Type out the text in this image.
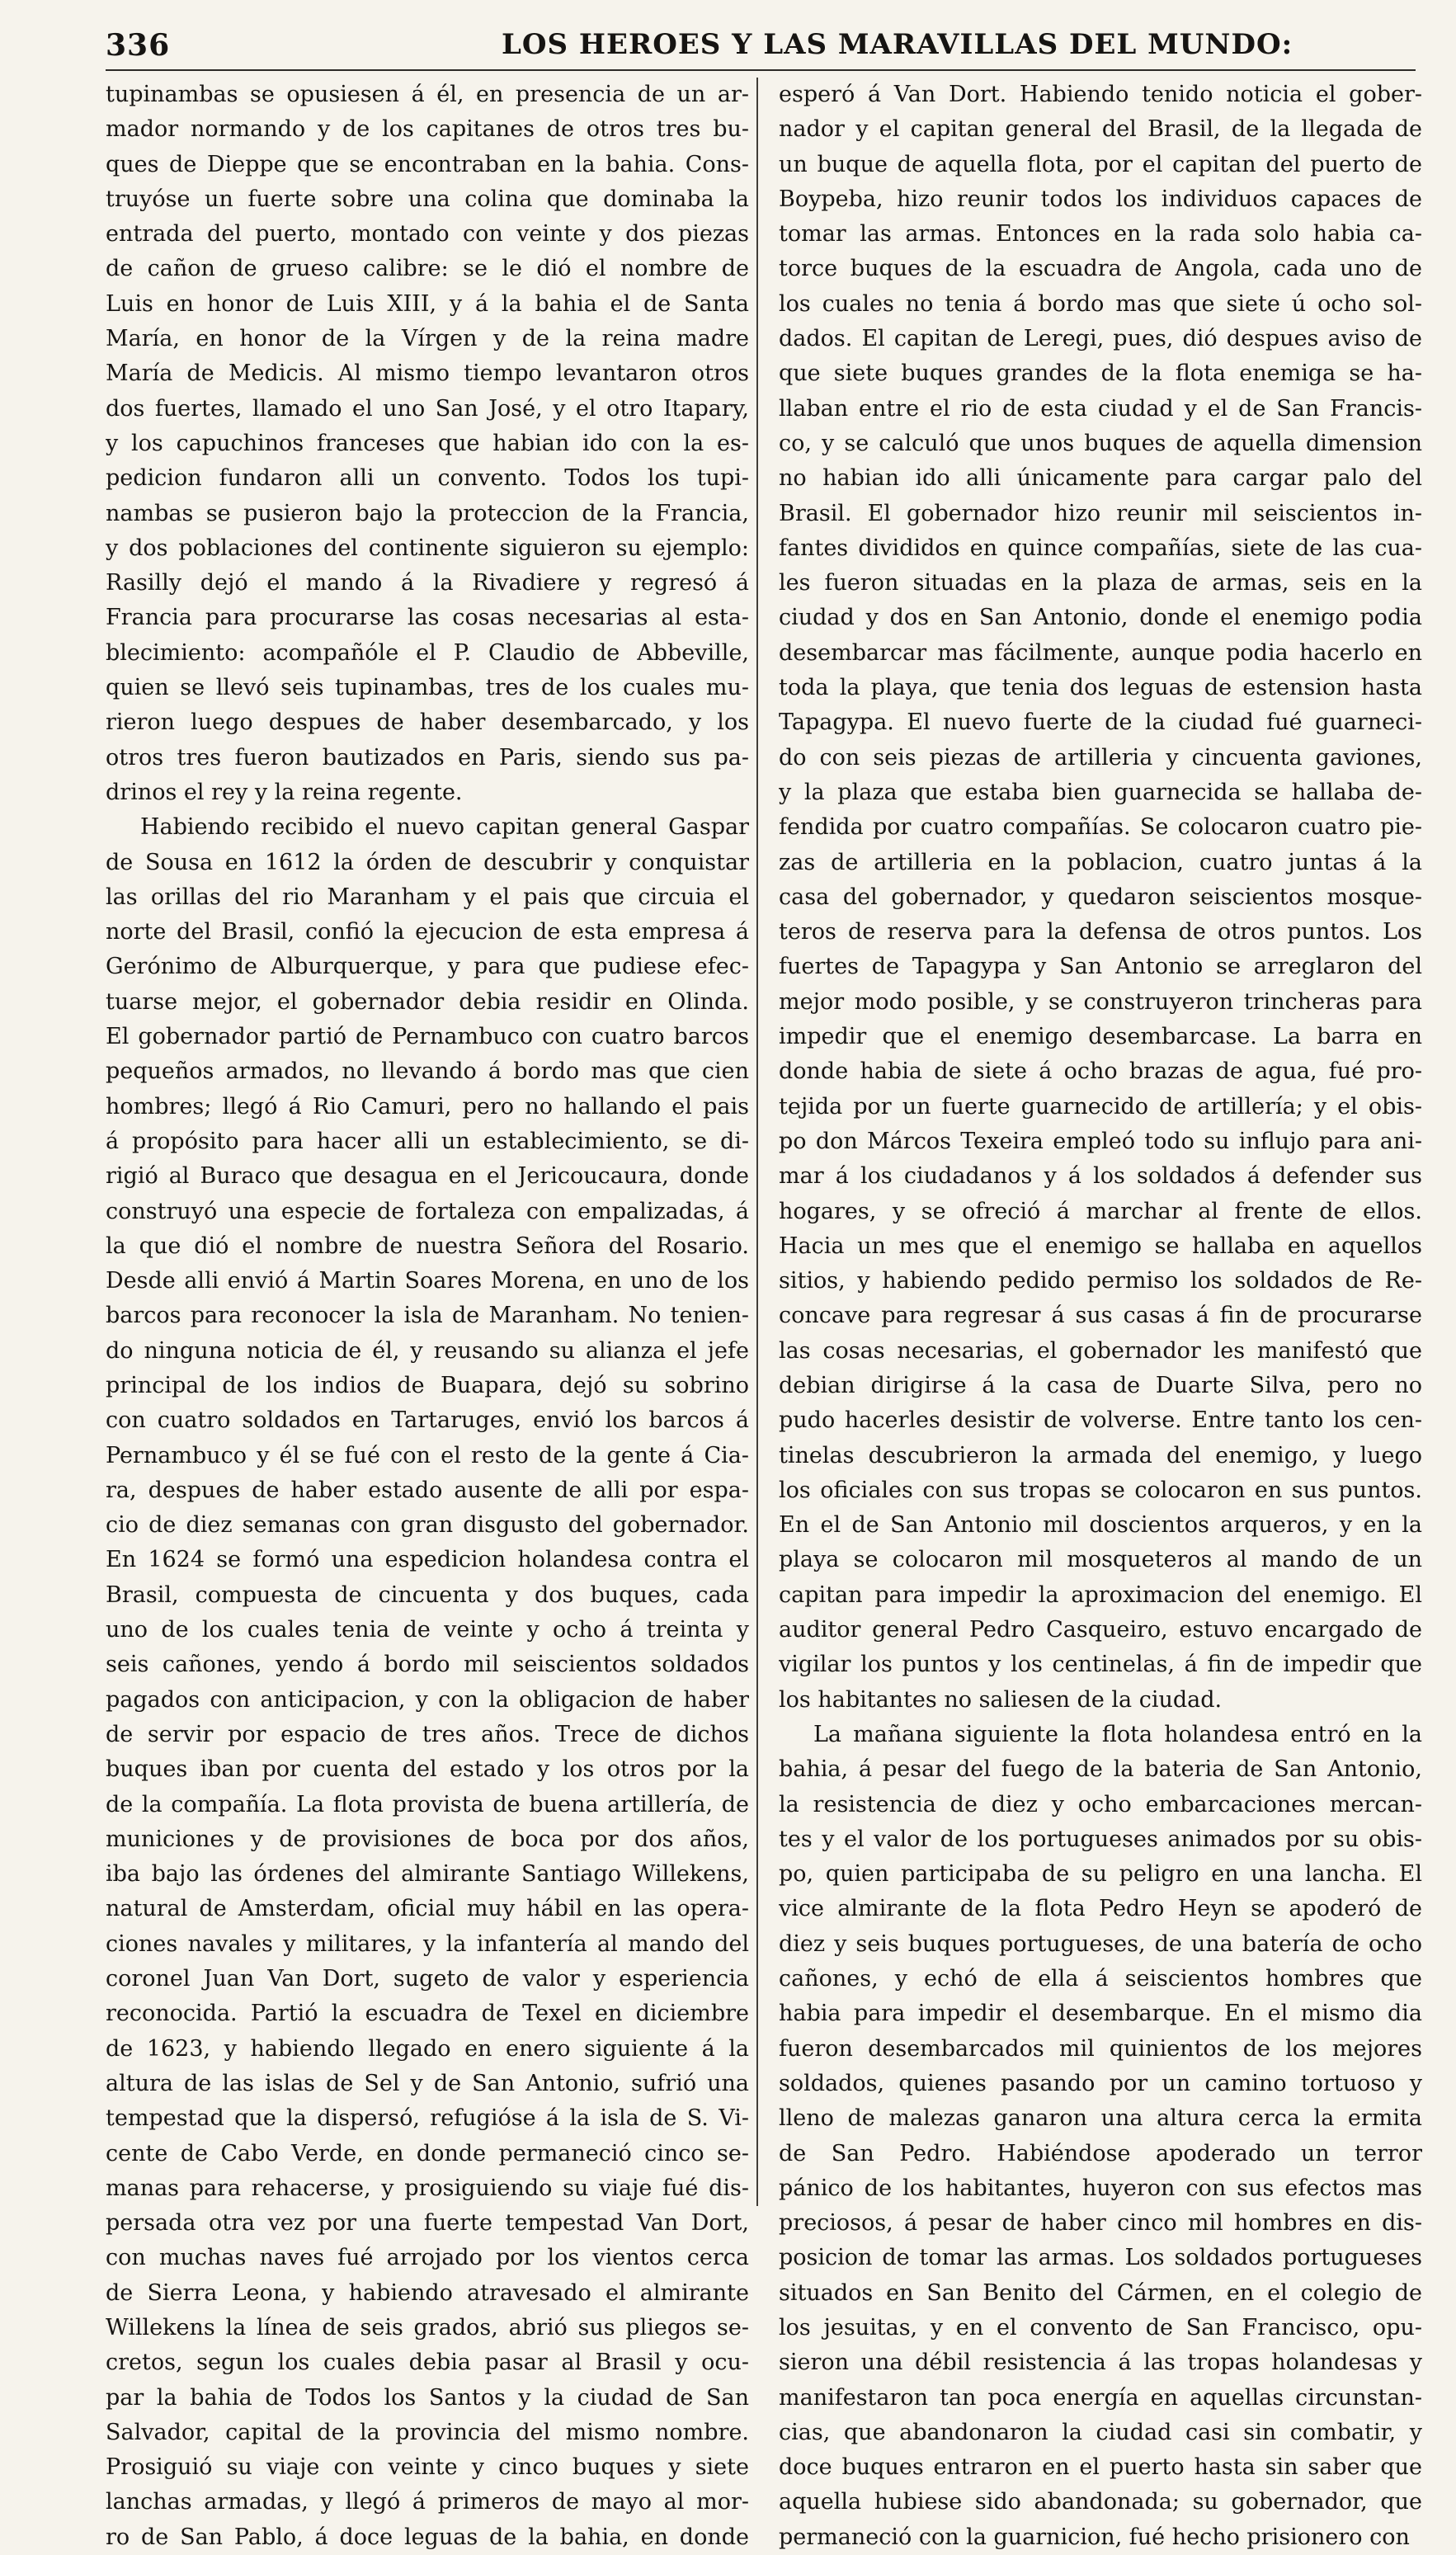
336	LOS HEROES Y LAS MARAVILLAS DEL MUNDO:
tupinambas se opusiesen á él, en presencia de un ar-
mador normando y de los capitanes de otros tres bu-
ques de Dieppe que se encontraban en la bahia. Cons-
truyóse un fuerte sobre una colina que dominaba la
entrada del puerto, montado con veinte y dos piezas
de cañon de grueso calibre: se le dió el nombre de
Luis en honor de Luis XIII, y á la bahia el de Santa
María, en honor de la Vírgen y de la reina madre
María de Medicis. Al mismo tiempo levantaron otros
dos fuertes, llamado el uno San José, y el otro Itapary,
y los capuchinos franceses que habian ido con la es-
pedicion fundaron alli un convento. Todos los tupi-
nambas se pusieron bajo la proteccion de la Francia,
y dos poblaciones del continente siguieron su ejemplo:
Rasilly dejó el mando á la Rivadiere y regresó á
Francia para procurarse las cosas necesarias al esta-
blecimiento: acompañóle el P. Claudio de Abbeville,
quien se llevó seis tupinambas, tres de los cuales mu-
rieron luego despues de haber desembarcado, y los
otros tres fueron bautizados en Paris, siendo sus pa-
drinos el rey y la reina regente.
Habiendo recibido el nuevo capitan general Gaspar
de Sousa en 1612 la órden de descubrir y conquistar
las orillas del rio Maranham y el pais que circuia el
norte del Brasil, confió la ejecucion de esta empresa á
Gerónimo de Alburquerque, y para que pudiese efec-
tuarse mejor, el gobernador debia residir en Olinda.
El gobernador partió de Pernambuco con cuatro barcos
pequeños armados, no llevando á bordo mas que cien
hombres; llegó á Rio Camuri, pero no hallando el pais
á propósito para hacer alli un establecimiento, se di-
rigió al Buraco que desagua en el Jericoucaura, donde
construyó una especie de fortaleza con empalizadas, á
la que dió el nombre de nuestra Señora del Rosario.
Desde alli envió á Martin Soares Morena, en uno de los
barcos para reconocer la isla de Maranham. No tenien-
do ninguna noticia de él, y reusando su alianza el jefe
principal de los indios de Buapara, dejó su sobrino
con cuatro soldados en Tartaruges, envió los barcos á
Pernambuco y él se fué con el resto de la gente á Cia-
ra, despues de haber estado ausente de alli por espa-
cio de diez semanas con gran disgusto del gobernador.
En 1624 se formó una espedicion holandesa contra el
Brasil, compuesta de cincuenta y dos buques, cada
uno de los cuales tenia de veinte y ocho á treinta y
seis cañones, yendo á bordo mil seiscientos soldados
pagados con anticipacion, y con la obligacion de haber
de servir por espacio de tres años. Trece de dichos
buques iban por cuenta del estado y los otros por la
de la compañía. La flota provista de buena artillería, de
municiones y de provisiones de boca por dos años,
iba bajo las órdenes del almirante Santiago Willekens,
natural de Amsterdam, oficial muy hábil en las opera-
ciones navales y militares, y la infantería al mando del
coronel Juan Van Dort, sugeto de valor y esperiencia
reconocida. Partió la escuadra de Texel en diciembre
de 1623, y habiendo llegado en enero siguiente á la
altura de las islas de Sel y de San Antonio, sufrió una
tempestad que la dispersó, refugióse á la isla de S. Vi-
cente de Cabo Verde, en donde permaneció cinco se-
manas para rehacerse, y prosiguiendo su viaje fué dis-
persada otra vez por una fuerte tempestad Van Dort,
con muchas naves fué arrojado por los vientos cerca
de Sierra Leona, y habiendo atravesado el almirante
Willekens la línea de seis grados, abrió sus pliegos se-
cretos, segun los cuales debia pasar al Brasil y ocu-
par la bahia de Todos los Santos y la ciudad de San
Salvador, capital de la provincia del mismo nombre.
Prosiguió su viaje con veinte y cinco buques y siete
lanchas armadas, y llegó á primeros de mayo al mor-
ro de San Pablo, á doce leguas de la bahia, en donde
esperó á Van Dort. Habiendo tenido noticia el gober-
nador y el capitan general del Brasil, de la llegada de
un buque de aquella flota, por el capitan del puerto de
Boypeba, hizo reunir todos los individuos capaces de
tomar las armas. Entonces en la rada solo habia ca-
torce buques de la escuadra de Angola, cada uno de
los cuales no tenia á bordo mas que siete ú ocho sol-
dados. El capitan de Leregi, pues, dió despues aviso de
que siete buques grandes de la flota enemiga se ha-
llaban entre el rio de esta ciudad y el de San Francis-
co, y se calculó que unos buques de aquella dimension
no habian ido alli únicamente para cargar palo del
Brasil. El gobernador hizo reunir mil seiscientos in-
fantes divididos en quince compañías, siete de las cua-
les fueron situadas en la plaza de armas, seis en la
ciudad y dos en San Antonio, donde el enemigo podia
desembarcar mas fácilmente, aunque podia hacerlo en
toda la playa, que tenia dos leguas de estension hasta
Tapagypa. El nuevo fuerte de la ciudad fué guarneci-
do con seis piezas de artilleria y cincuenta gaviones,
y la plaza que estaba bien guarnecida se hallaba de-
fendida por cuatro compañías. Se colocaron cuatro pie-
zas de artilleria en la poblacion, cuatro juntas á la
casa del gobernador, y quedaron seiscientos mosque-
teros de reserva para la defensa de otros puntos. Los
fuertes de Tapagypa y San Antonio se arreglaron del
mejor modo posible, y se construyeron trincheras para
impedir que el enemigo desembarcase. La barra en
donde habia de siete á ocho brazas de agua, fué pro-
tejida por un fuerte guarnecido de artillería; y el obis-
po don Márcos Texeira empleó todo su influjo para ani-
mar á los ciudadanos y á los soldados á defender sus
hogares, y se ofreció á marchar al frente de ellos.
Hacia un mes que el enemigo se hallaba en aquellos
sitios, y habiendo pedido permiso los soldados de Re-
concave para regresar á sus casas á fin de procurarse
las cosas necesarias, el gobernador les manifestó que
debian dirigirse á la casa de Duarte Silva, pero no
pudo hacerles desistir de volverse. Entre tanto los cen-
tinelas descubrieron la armada del enemigo, y luego
los oficiales con sus tropas se colocaron en sus puntos.
En el de San Antonio mil doscientos arqueros, y en la
playa se colocaron mil mosqueteros al mando de un
capitan para impedir la aproximacion del enemigo. El
auditor general Pedro Casqueiro, estuvo encargado de
vigilar los puntos y los centinelas, á fin de impedir que
los habitantes no saliesen de la ciudad.
La mañana siguiente la flota holandesa entró en la
bahia, á pesar del fuego de la bateria de San Antonio,
la resistencia de diez y ocho embarcaciones mercan-
tes y el valor de los portugueses animados por su obis-
po, quien participaba de su peligro en una lancha. El
vice almirante de la flota Pedro Heyn se apoderó de
diez y seis buques portugueses, de una batería de ocho
cañones, y echó de ella á seiscientos hombres que
habia para impedir el desembarque. En el mismo dia
fueron desembarcados mil quinientos de los mejores
soldados, quienes pasando por un camino tortuoso y
lleno de malezas ganaron una altura cerca la ermita
de San Pedro. Habiéndose apoderado un terror
pánico de los habitantes, huyeron con sus efectos mas
preciosos, á pesar de haber cinco mil hombres en dis-
posicion de tomar las armas. Los soldados portugueses
situados en San Benito del Cármen, en el colegio de
los jesuitas, y en el convento de San Francisco, opu-
sieron una débil resistencia á las tropas holandesas y
manifestaron tan poca energía en aquellas circunstan-
cias, que abandonaron la ciudad casi sin combatir, y
doce buques entraron en el puerto hasta sin saber que
aquella hubiese sido abandonada; su gobernador, que
permaneció con la guarnicion, fué hecho prisionero con
